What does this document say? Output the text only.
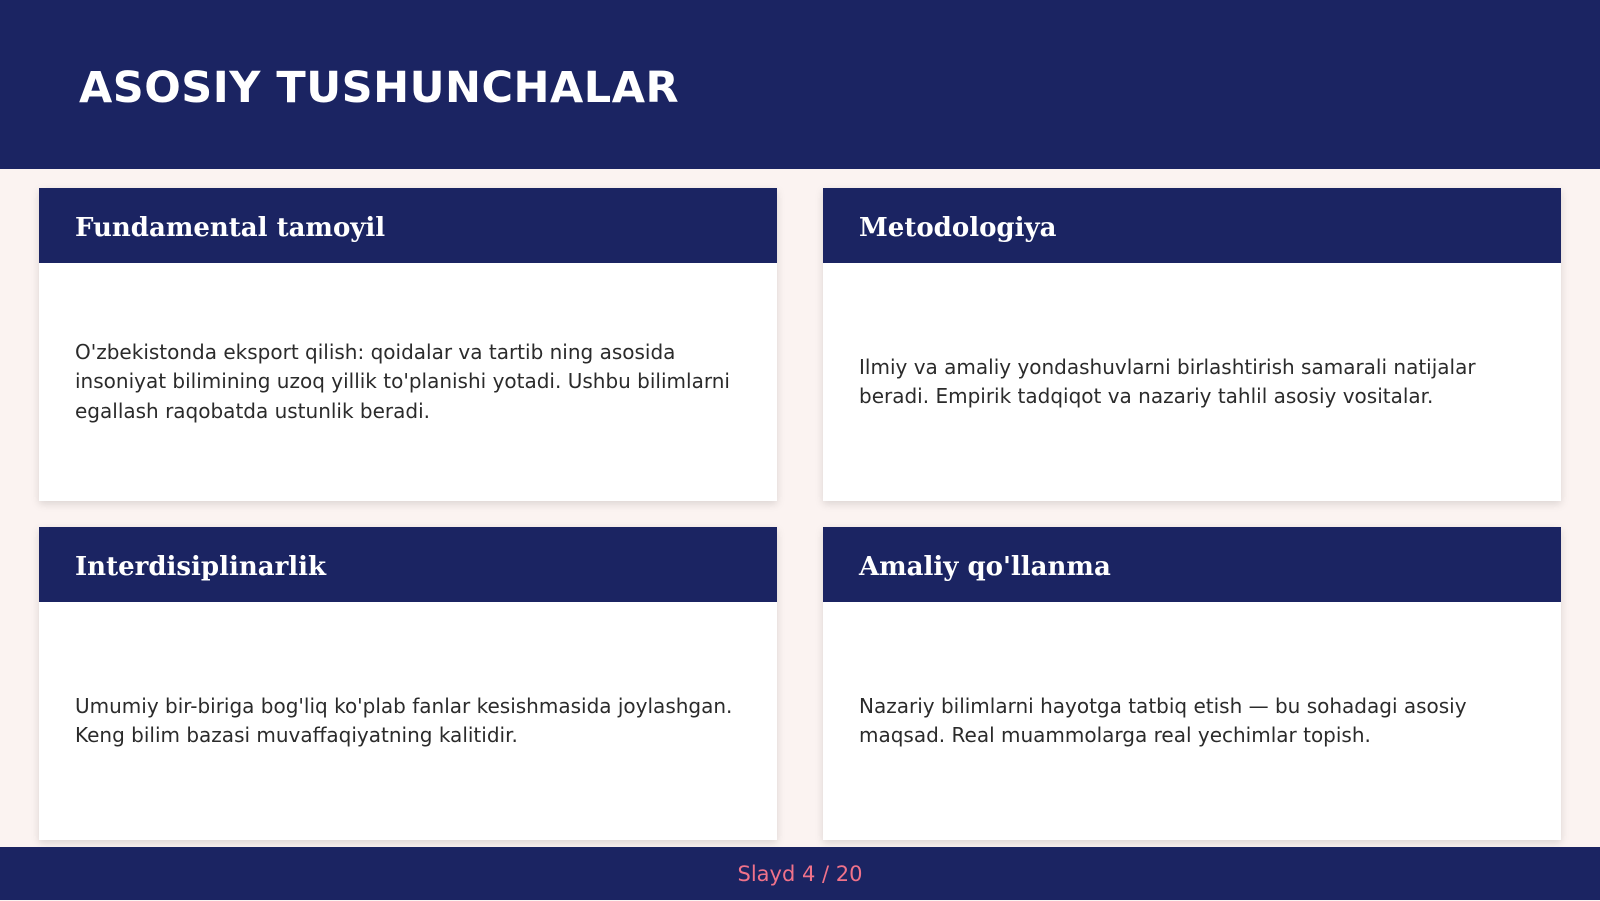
ASOSIY TUSHUNCHALAR
Fundamental tamoyil

O'zbekistonda eksport qilish: qoidalar va tartib ning asosida insoniyat bilimining uzoq yillik to'planishi yotadi. Ushbu bilimlarni egallash raqobatda ustunlik beradi.

Metodologiya

Ilmiy va amaliy yondashuvlarni birlashtirish samarali natijalar beradi. Empirik tadqiqot va nazariy tahlil asosiy vositalar.

Interdisiplinarlik

Umumiy bir-biriga bog'liq ko'plab fanlar kesishmasida joylashgan. Keng bilim bazasi muvaffaqiyatning kalitidir.

Amaliy qo'llanma

Nazariy bilimlarni hayotga tatbiq etish — bu sohadagi asosiy maqsad. Real muammolarga real yechimlar topish.

Slayd 4 / 20
